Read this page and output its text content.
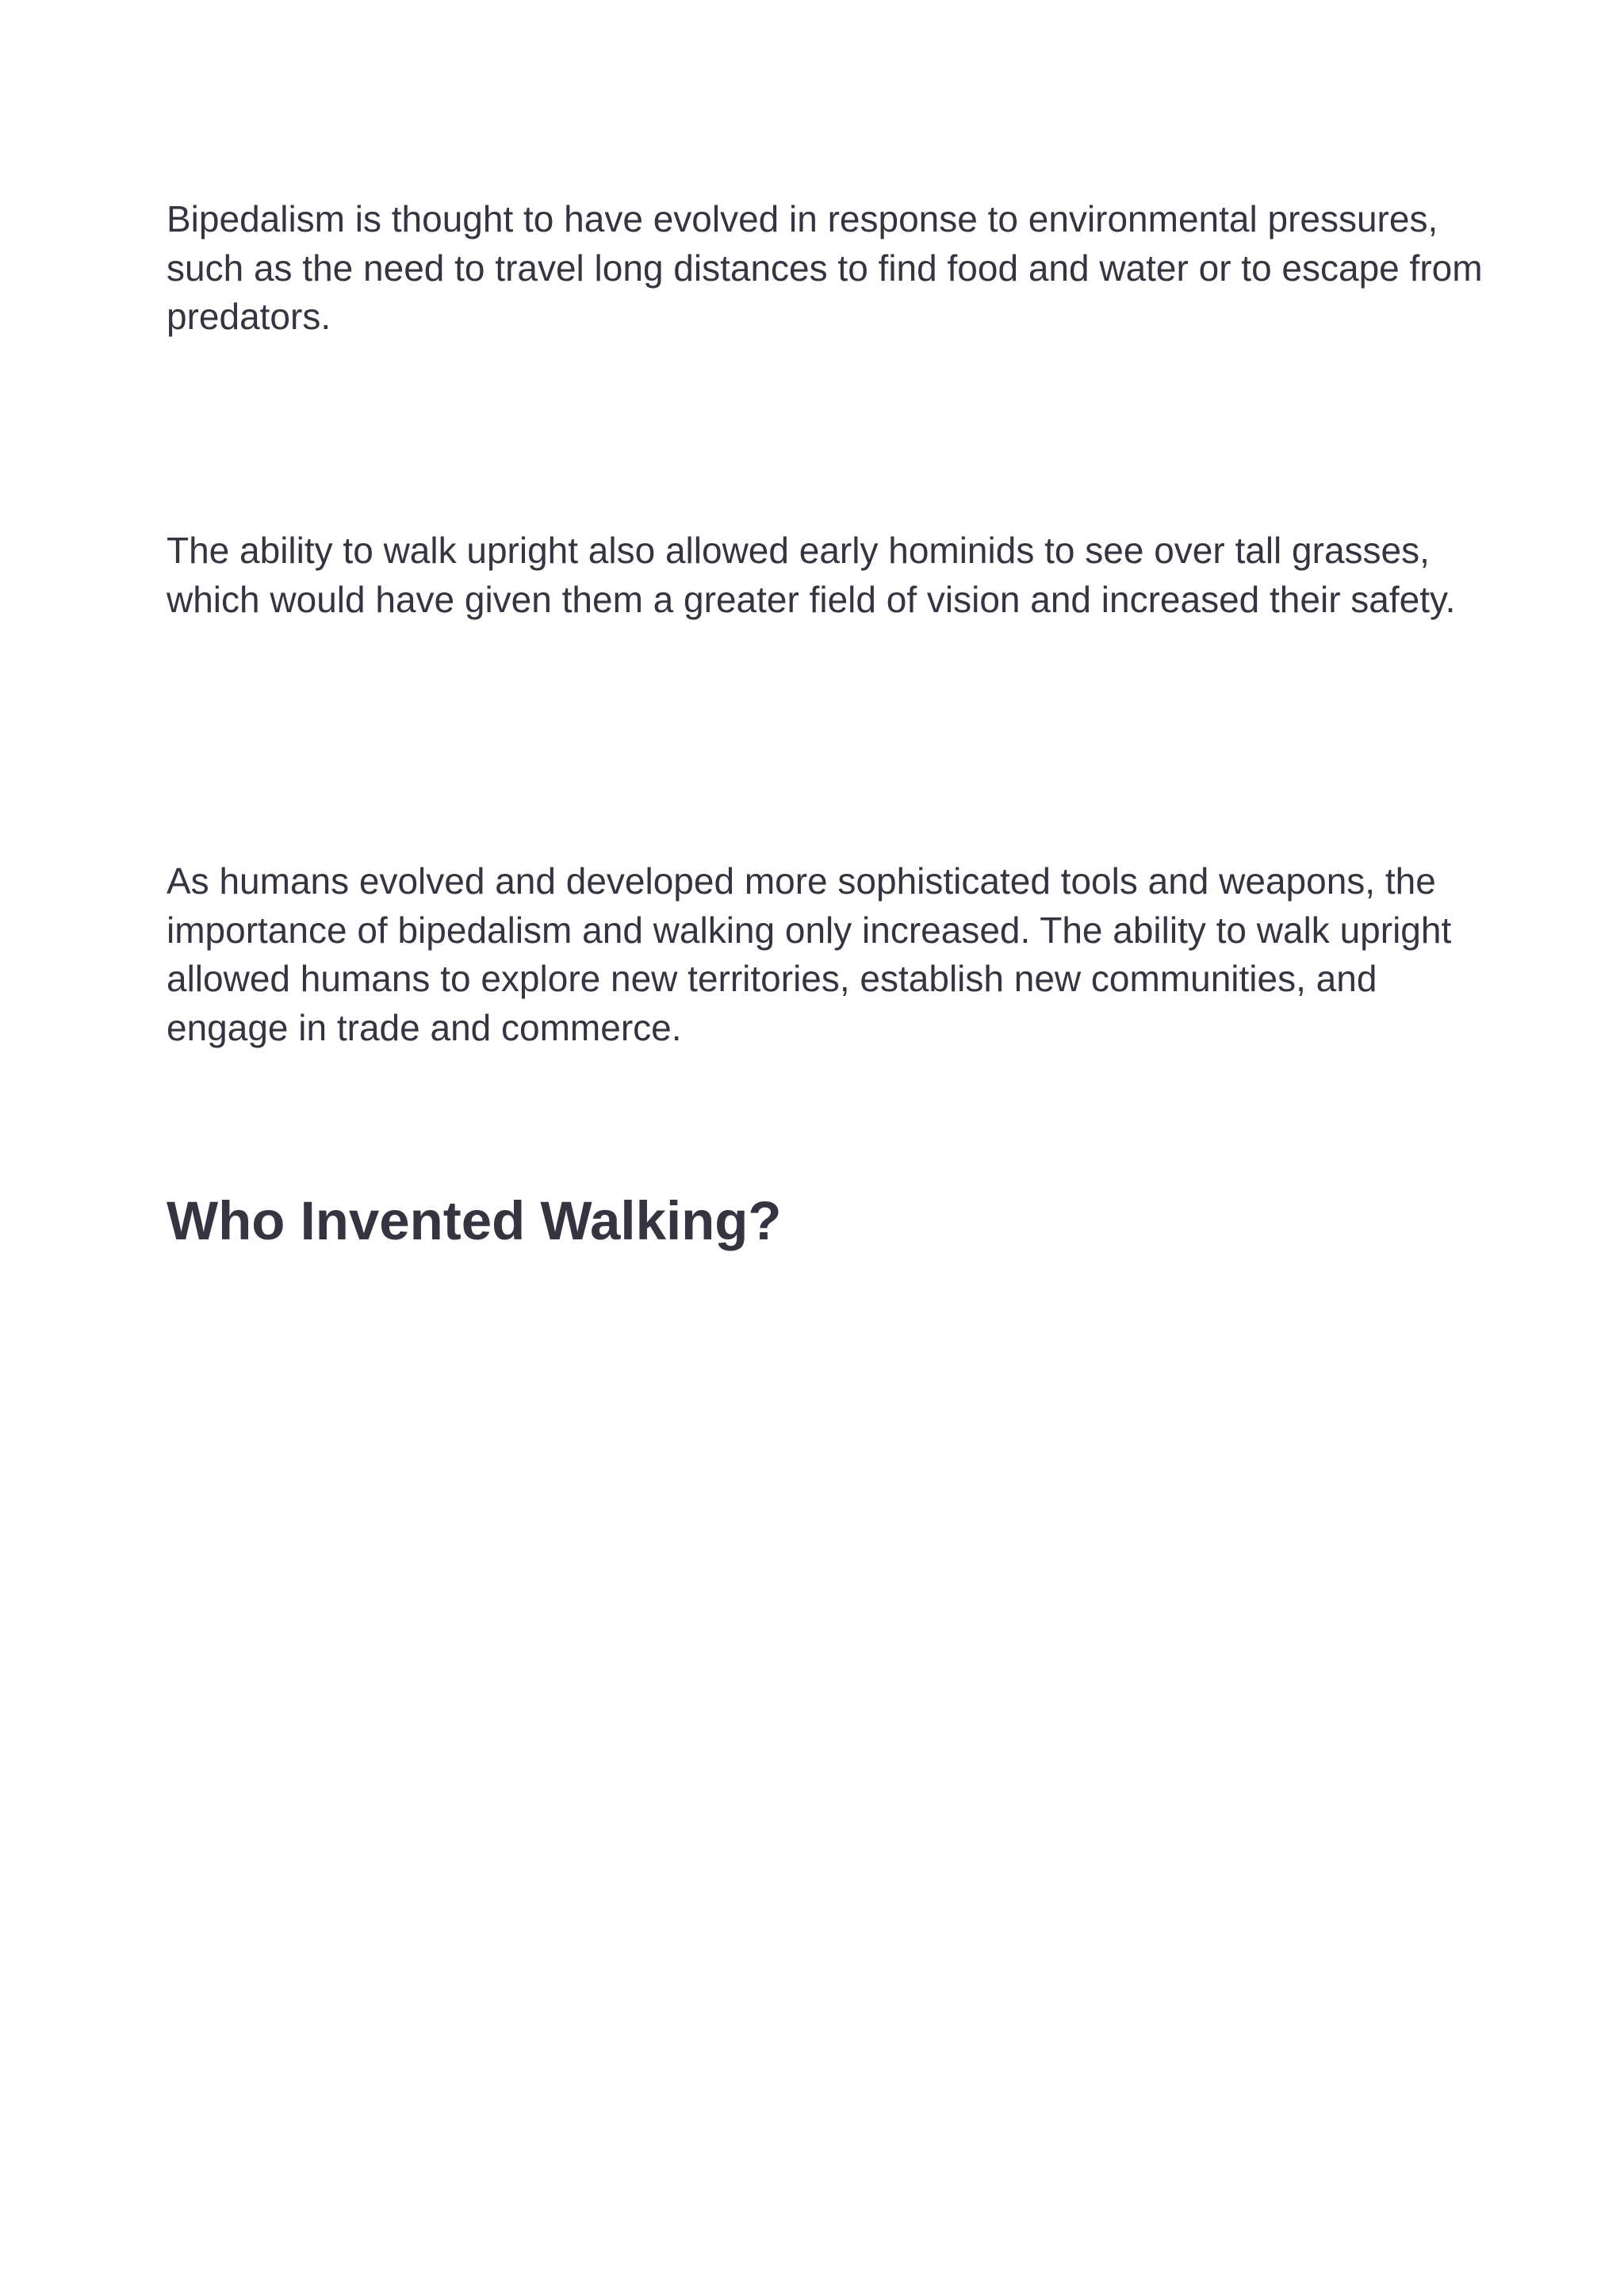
Bipedalism is thought to have evolved in response to environmental pressures, such as the need to travel long distances to find food and water or to escape from predators.

The ability to walk upright also allowed early hominids to see over tall grasses, which would have given them a greater field of vision and increased their safety.

As humans evolved and developed more sophisticated tools and weapons, the importance of bipedalism and walking only increased. The ability to walk upright allowed humans to explore new territories, establish new communities, and engage in trade and commerce.

Who Invented Walking?
